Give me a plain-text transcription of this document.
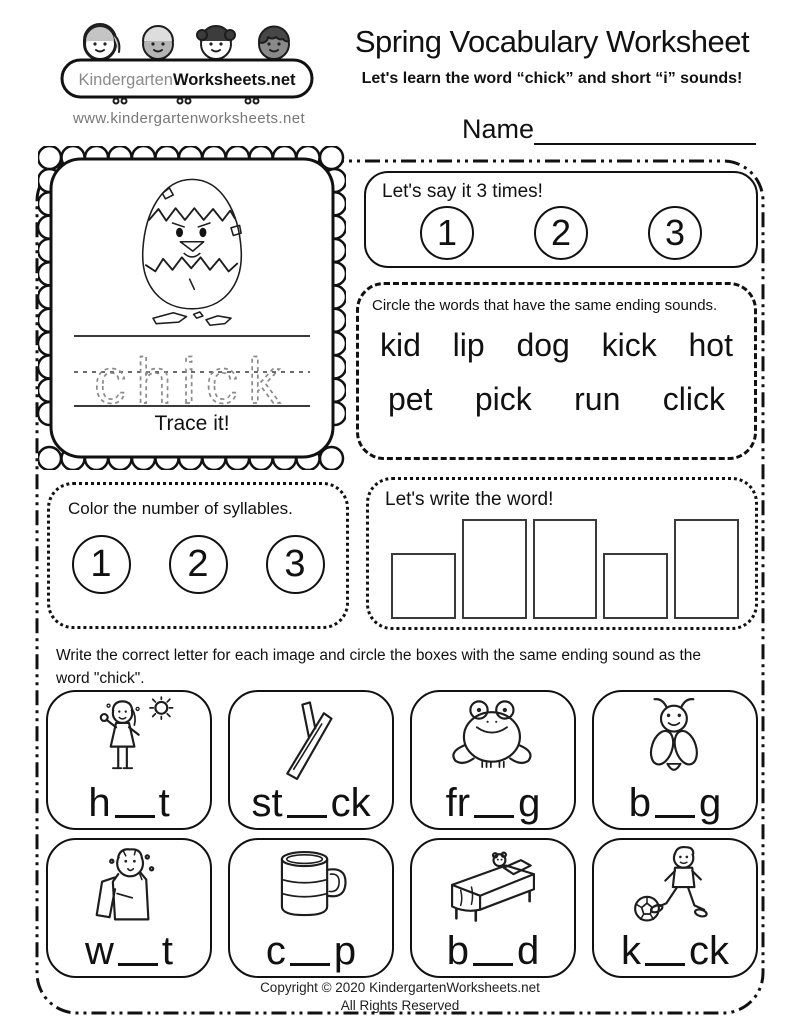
KindergartenWorksheets.net
www.kindergartenworksheets.net
Spring Vocabulary Worksheet
Let's learn the word “chick” and short “i” sounds!
Name
Let's say it 3 times!
1	2	3
Circle the words that have the same ending sounds.
kid lip dog kick hot
pet pick run click
chick
Trace it!
Color the number of syllables.
1	2	3
Let's write the word!
Write the correct letter for each image and circle the boxes with the same ending sound as the
word "chick".
h t st ck fr g b g
w t c p b d k ck
Copyright © 2020 KindergartenWorksheets.net
All Rights Reserved
